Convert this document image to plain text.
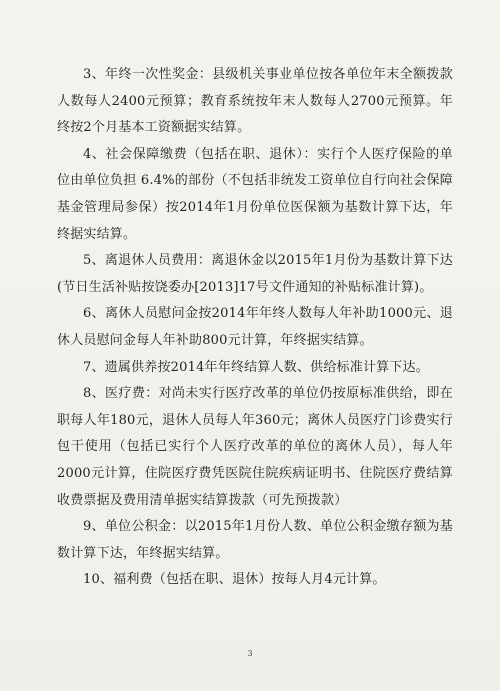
3、年终一次性奖金：县级机关事业单位按各单位年末全额拨款人数每人2400元预算；教育系统按年末人数每人2700元预算。年终按2个月基本工资额据实结算。

4、社会保障缴费（包括在职、退休）：实行个人医疗保险的单位由单位负担 6.4%的部份（不包括非统发工资单位自行向社会保障基金管理局参保）按2014年1月份单位医保额为基数计算下达，年终据实结算。

5、离退休人员费用：离退休金以2015年1月份为基数计算下达(节日生活补贴按饶委办[2013]17号文件通知的补贴标准计算)。

6、离休人员慰问金按2014年年终人数每人年补助1000元、退休人员慰问金每人年补助800元计算，年终据实结算。

7、遗属供养按2014年年终结算人数、供给标准计算下达。

8、医疗费：对尚未实行医疗改革的单位仍按原标准供给，即在职每人年180元，退休人员每人年360元；离休人员医疗门诊费实行包干使用（包括已实行个人医疗改革的单位的离休人员），每人年2000元计算，住院医疗费凭医院住院疾病证明书、住院医疗费结算收费票据及费用清单据实结算拨款（可先预拨款）

9、单位公积金：以2015年1月份人数、单位公积金缴存额为基数计算下达，年终据实结算。

10、福利费（包括在职、退休）按每人月4元计算。

3
